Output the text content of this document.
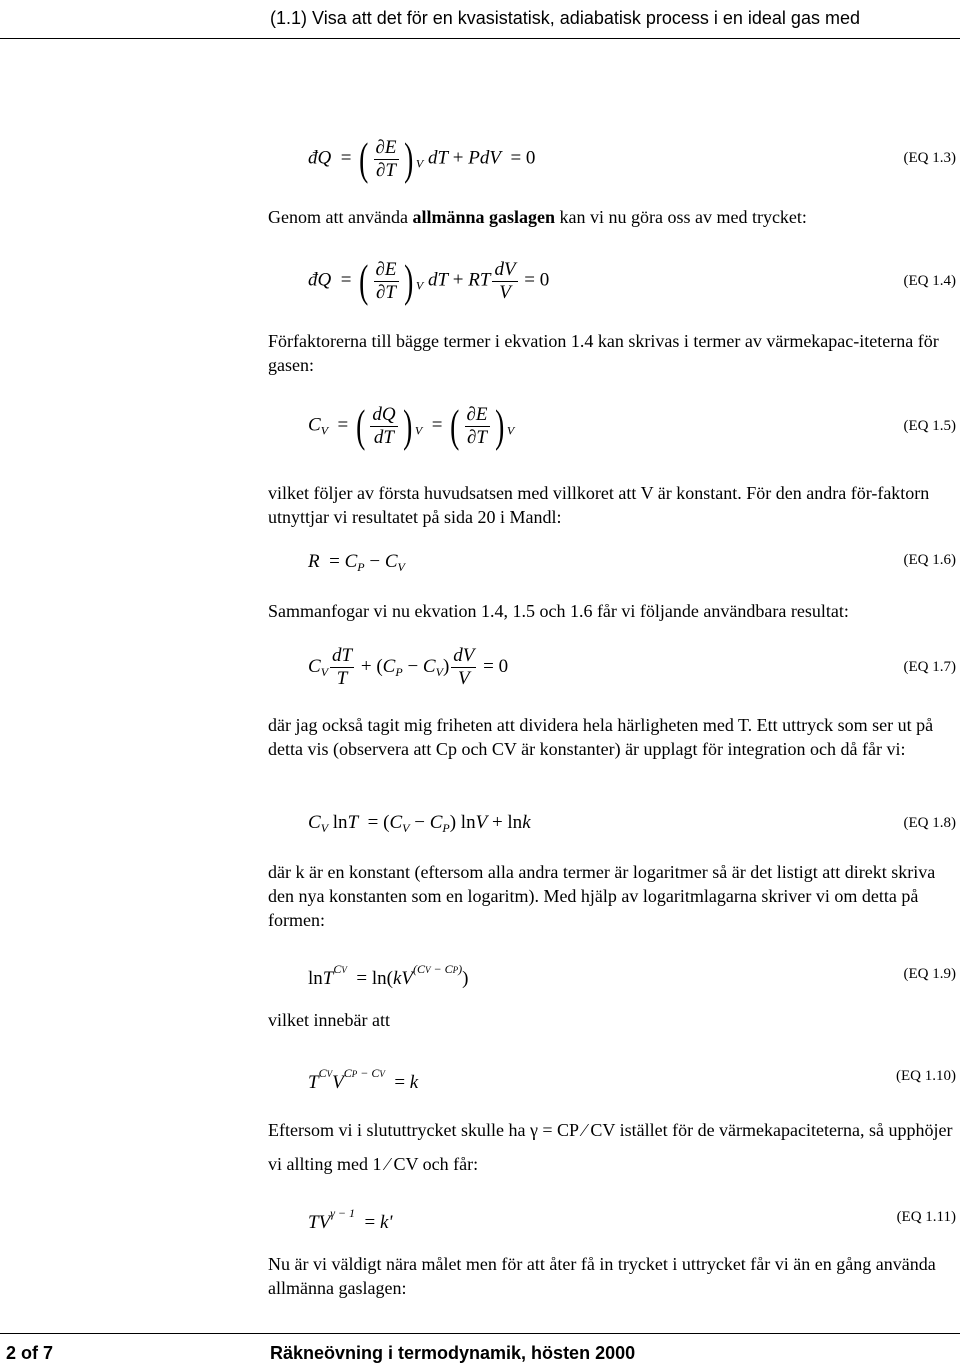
(1.1) Visa att det för en kvasistatisk, adiabatisk process i en ideal gas med
đQ  = ( $\frac{\partial E}{\partial T}$ ) $_V$ dT + PdV  = 0	(EQ 1.3)

Genom att använda allmänna gaslagen kan vi nu göra oss av med trycket:

đQ  = ( $\frac{\partial E}{\partial T}$ ) $_V$ dT + RT $\frac{dV}{V} = 0$	(EQ 1.4)

Förfaktorerna till bägge termer i ekvation 1.4 kan skrivas i termer av värmekapac-iteterna för gasen:

$C_V$  = ( $\frac{dQ}{dT}$ ) $_V$  = ( $\frac{\partial E}{\partial T}$ ) $_V$	(EQ 1.5)

vilket följer av första huvudsatsen med villkoret att V är konstant. För den andra för-faktorn utnyttjar vi resultatet på sida 20 i Mandl:

$R = C_P - C_V$	(EQ 1.6)

Sammanfogar vi nu ekvation 1.4, 1.5 och 1.6 får vi följande användbara resultat:

$C_V \frac{dT}{T} + (C_P - C_V) \frac{dV}{V} = 0$	(EQ 1.7)

där jag också tagit mig friheten att dividera hela härligheten med T. Ett uttryck som ser ut på detta vis (observera att Cp och CV är konstanter) är upplagt för integration och då får vi:

$C_V$ $\ln T = (C_V - C_P) \ln V + \ln k$	(EQ 1.8)

där k är en konstant (eftersom alla andra termer är logaritmer så är det listigt att direkt skriva den nya konstanten som en logaritm). Med hjälp av logaritmlagarna skriver vi om detta på formen:

$\ln T^{CV} = \ln(kV^{(CV - CP)})$	(EQ 1.9)

vilket innebär att

$T^{CV}V^{CP - CV} = k$	(EQ 1.10)

Eftersom vi i slututtrycket skulle ha γ = CP ⁄ CV istället för de värmekapaciteterna, så upphöjer vi allting med 1 ⁄ CV och får:

$TV^{\gamma - 1} = k'$	(EQ 1.11)

Nu är vi väldigt nära målet men för att åter få in trycket i uttrycket får vi än en gång använda allmänna gaslagen:

2 of 7	Räkneövning i termodynamik, hösten 2000
